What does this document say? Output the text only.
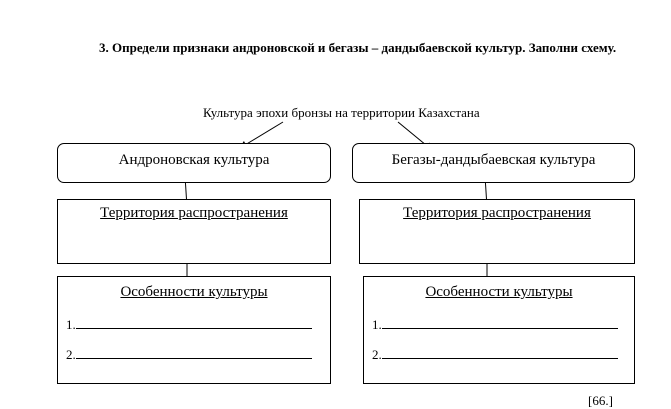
3. Определи признаки андроновской и бегазы – дандыбаевской культур. Заполни схему.
Культура эпохи бронзы на территории Казахстана
Андроновская культура
Территория распространения
Особенности культуры
1.
2.
Бегазы-дандыбаевская культура
Территория распространения
Особенности культуры
1.
2.
[66.]
